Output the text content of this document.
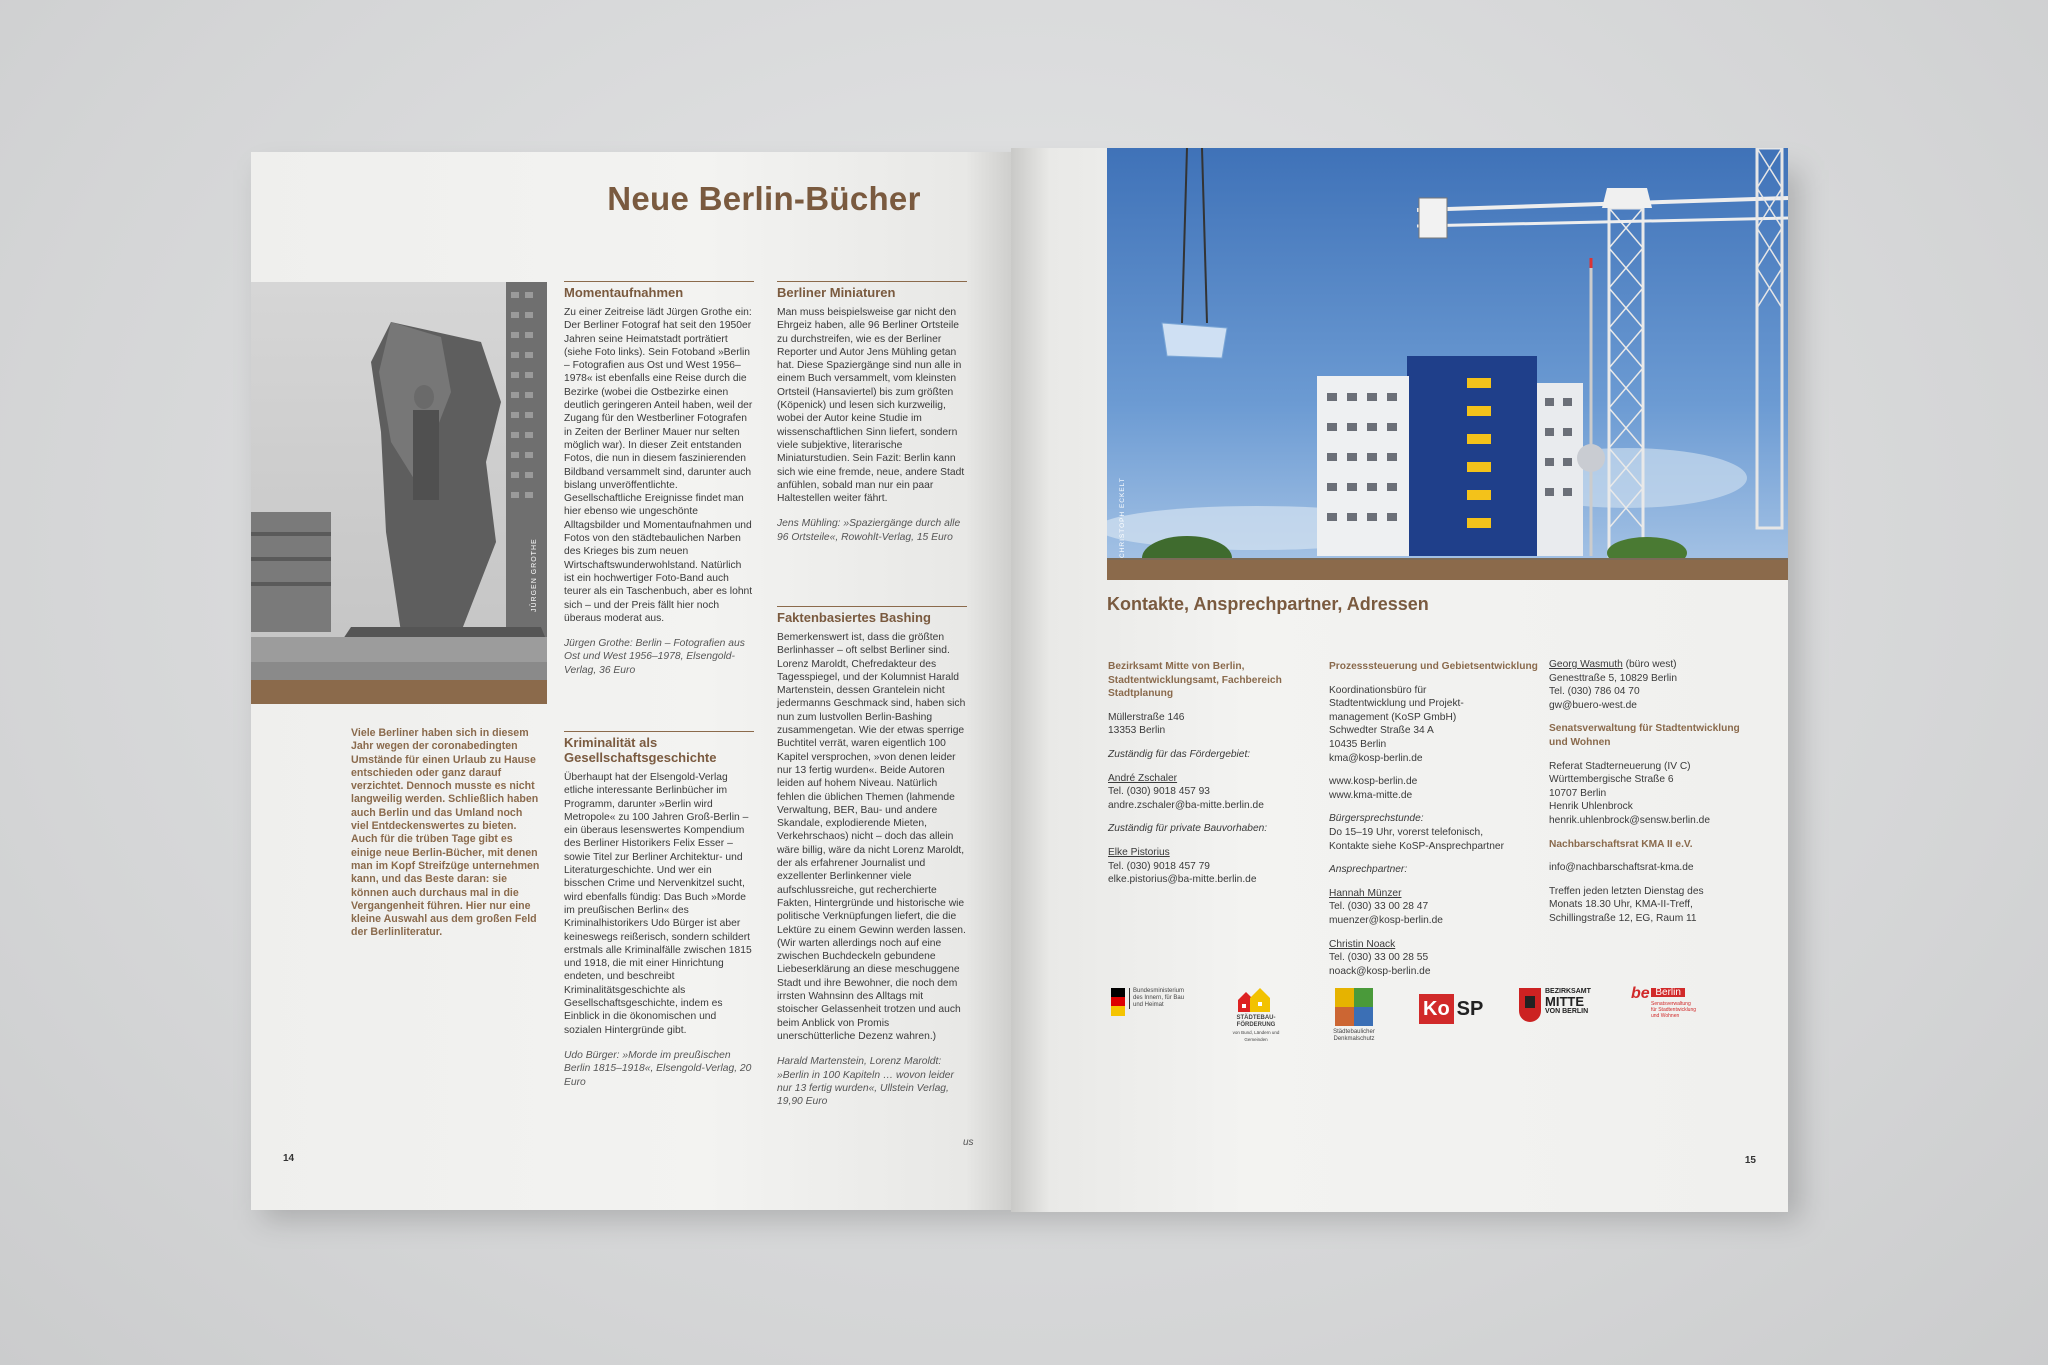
Neue Berlin-Bücher
JÜRGEN GROTHE
Viele Berliner haben sich in diesem Jahr wegen der coronabedingten Umstände für einen Urlaub zu Hause entschieden oder ganz darauf verzichtet. Dennoch musste es nicht langweilig werden. Schließlich haben auch Berlin und das Umland noch viel Entdeckenswertes zu bieten. Auch für die trüben Tage gibt es einige neue Berlin-Bücher, mit denen man im Kopf Streifzüge unternehmen kann, und das Beste daran: sie können auch durchaus mal in die Vergangenheit führen. Hier nur eine kleine Auswahl aus dem großen Feld der Berlinliteratur.
Momentaufnahmen

Zu einer Zeitreise lädt Jürgen Grothe ein: Der Berliner Fotograf hat seit den 1950er Jahren seine Heimatstadt porträtiert (siehe Foto links). Sein Fotoband »Berlin – Fotografien aus Ost und West 1956–1978« ist ebenfalls eine Reise durch die Bezirke (wobei die Ostbezirke einen deutlich geringeren Anteil haben, weil der Zugang für den Westberliner Fotografen in Zeiten der Berliner Mauer nur selten möglich war). In dieser Zeit entstanden Fotos, die nun in diesem faszinierenden Bildband versammelt sind, darunter auch bislang unveröffentlichte. Gesellschaftliche Ereignisse findet man hier ebenso wie ungeschönte Alltagsbilder und Momentaufnahmen und Fotos von den städtebaulichen Narben des Krieges bis zum neuen Wirtschaftswunderwohlstand. Natürlich ist ein hochwertiger Foto-Band auch teurer als ein Taschenbuch, aber es lohnt sich – und der Preis fällt hier noch überaus moderat aus.

Jürgen Grothe: Berlin – Fotografien aus Ost und West 1956–1978, Elsengold-Verlag, 36 Euro

Kriminalität als Gesellschaftsgeschichte

Überhaupt hat der Elsengold-Verlag etliche interessante Berlinbücher im Programm, darunter »Berlin wird Metropole« zu 100 Jahren Groß-Berlin – ein überaus lesenswertes Kompendium des Berliner Historikers Felix Esser – sowie Titel zur Berliner Architektur- und Literaturgeschichte. Und wer ein bisschen Crime und Nervenkitzel sucht, wird ebenfalls fündig: Das Buch »Morde im preußischen Berlin« des Kriminalhistorikers Udo Bürger ist aber keineswegs reißerisch, sondern schildert erstmals alle Kriminalfälle zwischen 1815 und 1918, die mit einer Hinrichtung endeten, und beschreibt Kriminalitätsgeschichte als Gesellschaftsgeschichte, indem es Einblick in die ökonomischen und sozialen Hintergründe gibt.

Udo Bürger: »Morde im preußischen Berlin 1815–1918«, Elsengold-Verlag, 20 Euro

Berliner Miniaturen

Man muss beispielsweise gar nicht den Ehrgeiz haben, alle 96 Berliner Ortsteile zu durchstreifen, wie es der Berliner Reporter und Autor Jens Mühling getan hat. Diese Spaziergänge sind nun alle in einem Buch versammelt, vom kleinsten Ortsteil (Hansaviertel) bis zum größten (Köpenick) und lesen sich kurzweilig, wobei der Autor keine Studie im wissenschaftlichen Sinn liefert, sondern viele subjektive, literarische Miniaturstudien. Sein Fazit: Berlin kann sich wie eine fremde, neue, andere Stadt anfühlen, sobald man nur ein paar Haltestellen weiter fährt.

Jens Mühling: »Spaziergänge durch alle 96 Ortsteile«, Rowohlt-Verlag, 15 Euro

Faktenbasiertes Bashing

Bemerkenswert ist, dass die größten Berlinhasser – oft selbst Berliner sind. Lorenz Maroldt, Chefredakteur des Tagesspiegel, und der Kolumnist Harald Martenstein, dessen Grantelein nicht jedermanns Geschmack sind, haben sich nun zum lustvollen Berlin-Bashing zusammengetan. Wie der etwas sperrige Buchtitel verrät, waren eigentlich 100 Kapitel versprochen, »von denen leider nur 13 fertig wurden«. Beide Autoren leiden auf hohem Niveau. Natürlich fehlen die üblichen Themen (lahmende Verwaltung, BER, Bau- und andere Skandale, explodierende Mieten, Verkehrschaos) nicht – doch das allein wäre billig, wäre da nicht Lorenz Maroldt, der als erfahrener Journalist und exzellenter Berlinkenner viele aufschlussreiche, gut recherchierte Fakten, Hintergründe und historische wie politische Verknüpfungen liefert, die die Lektüre zu einem Gewinn werden lassen. (Wir warten allerdings noch auf eine zwischen Buchdeckeln gebundene Liebeserklärung an diese meschuggene Stadt und ihre Bewohner, die noch dem irrsten Wahnsinn des Alltags mit stoischer Gelassenheit trotzen und auch beim Anblick von Promis unerschütterliche Dezenz wahren.)

Harald Martenstein, Lorenz Maroldt: »Berlin in 100 Kapiteln … wovon leider nur 13 fertig wurden«, Ullstein Verlag, 19,90 Euro

us
14
CHRISTOPH ECKELT
Kontakte, Ansprechpartner, Adressen
Bezirksamt Mitte von Berlin, Stadtentwicklungsamt, Fachbereich Stadtplanung
Müllerstraße 146
13353 Berlin
Zuständig für das Fördergebiet:
André Zschaler
Tel. (030) 9018 457 93
andre.zschaler@ba-mitte.berlin.de
Zuständig für private Bauvorhaben:
Elke Pistorius
Tel. (030) 9018 457 79
elke.pistorius@ba-mitte.berlin.de
Prozesssteuerung und Gebietsentwicklung
Koordinationsbüro für
Stadtentwicklung und Projekt-
management (KoSP GmbH)
Schwedter Straße 34 A
10435 Berlin
kma@kosp-berlin.de
www.kosp-berlin.de
www.kma-mitte.de
Bürgersprechstunde:
Do 15–19 Uhr, vorerst telefonisch,
Kontakte siehe KoSP-Ansprechpartner
Ansprechpartner:
Hannah Münzer
Tel. (030) 33 00 28 47
muenzer@kosp-berlin.de
Christin Noack
Tel. (030) 33 00 28 55
noack@kosp-berlin.de
Georg Wasmuth (büro west)
Genesttraße 5, 10829 Berlin
Tel. (030) 786 04 70
gw@buero-west.de
Senatsverwaltung für Stadtentwicklung und Wohnen
Referat Stadterneuerung (IV C)
Württembergische Straße 6
10707 Berlin
Henrik Uhlenbrock
henrik.uhlenbrock@sensw.berlin.de
Nachbarschaftsrat KMA II e.V.
info@nachbarschaftsrat-kma.de
Treffen jeden letzten Dienstag des
Monats 18.30 Uhr, KMA-II-Treff,
Schillingstraße 12, EG, Raum 11
Bundesministerium
des Innern, für Bau
und Heimat
STÄDTEBAU-
FÖRDERUNG
von Bund, Ländern und Gemeinden
Städtebaulicher
Denkmalschutz
Ko SP
BEZIRKSAMT
MITTE
VON BERLIN
be Berlin
Senatsverwaltung
für Stadtentwicklung
und Wohnen
15
